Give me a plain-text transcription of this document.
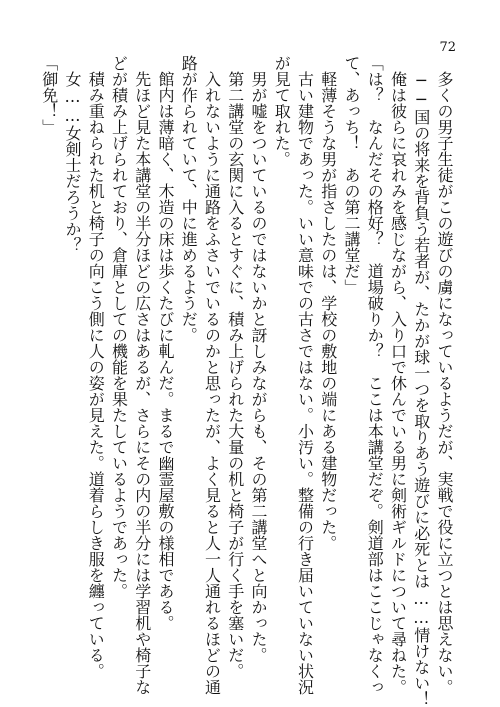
72
　多くの男子生徒がこの遊びの虜になっているようだが、実戦で役に立つとは思えない。
　──国の将来を背負う若者が、たかが球一つを取りあう遊びに必死とは……情けない！
　俺は彼らに哀れみを感じながら、入り口で休んでいる男に剣術ギルドについて尋ねた。
「は？　なんだその格好？　道場破りか？　ここは本講堂だぞ。剣道部はここじゃなくっ
て、あっち！　あの第二講堂だ」
　軽薄そうな男が指さしたのは、学校の敷地の端にある建物だった。
　古い建物であった。いい意味での古さではない。小汚い。整備の行き届いていない状況
が見て取れた。
　男が嘘をついているのではないかと訝しみながらも、その第二講堂へと向かった。
　第二講堂の玄関に入るとすぐに、積み上げられた大量の机と椅子が行く手を塞いだ。
　入れないように通路をふさいでいるのかと思ったが、よく見ると人一人通れるほどの通
路が作られていて、中に進めるようだ。
　館内は薄暗く、木造の床は歩くたびに軋んだ。まるで幽霊屋敷の様相である。
　先ほど見た本講堂の半分ほどの広さはあるが、さらにその内の半分には学習机や椅子な
どが積み上げられており、倉庫としての機能を果たしているようであった。
　積み重ねられた机と椅子の向こう側に人の姿が見えた。道着らしき服を纏っている。
　女……女剣士だろうか？
「御免！」
